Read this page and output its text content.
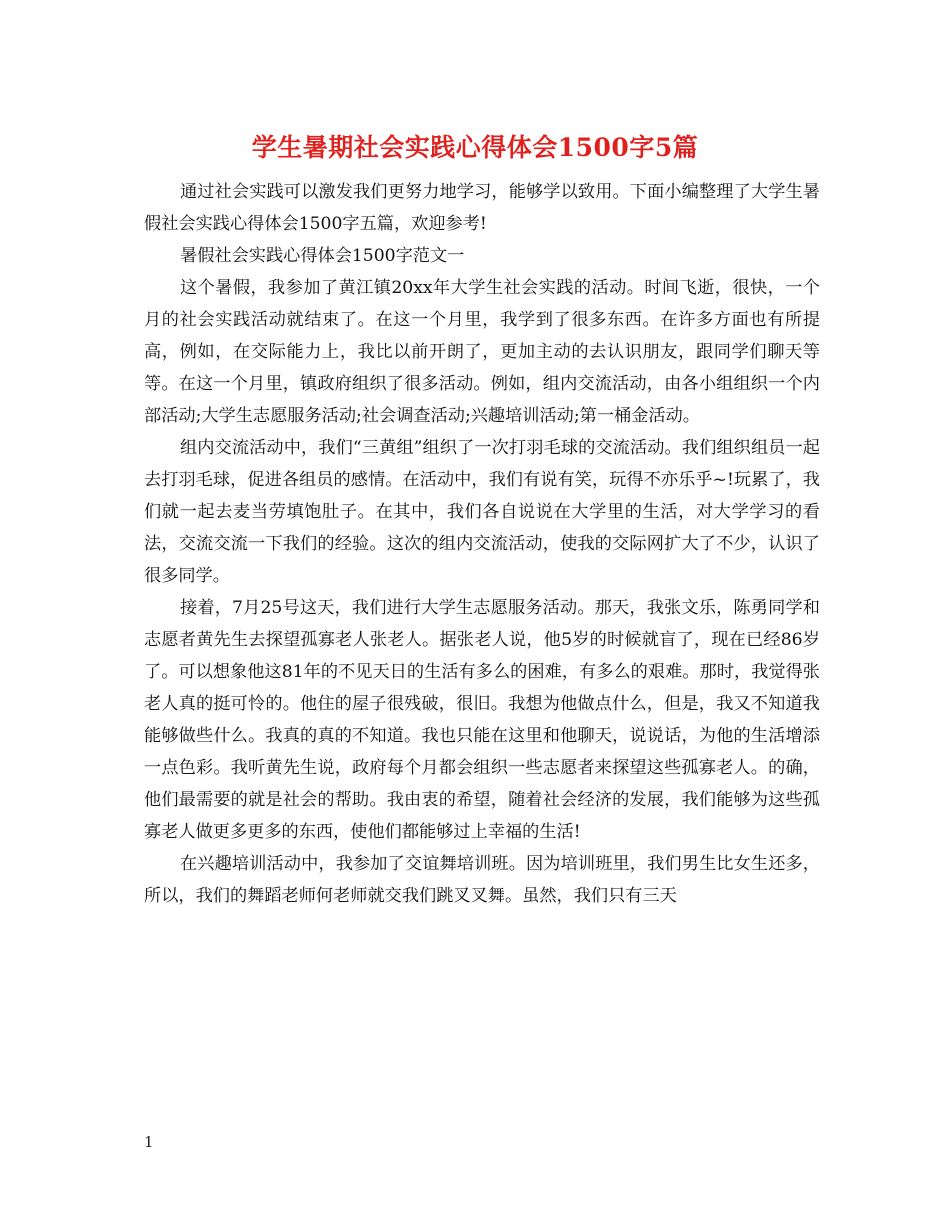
学生暑期社会实践心得体会1500字5篇

通过社会实践可以激发我们更努力地学习，能够学以致用。下面小编整理了大学生暑假社会实践心得体会1500字五篇，欢迎参考!

暑假社会实践心得体会1500字范文一

这个暑假，我参加了黄江镇20xx年大学生社会实践的活动。时间飞逝，很快，一个月的社会实践活动就结束了。在这一个月里，我学到了很多东西。在许多方面也有所提高，例如，在交际能力上，我比以前开朗了，更加主动的去认识朋友，跟同学们聊天等等。在这一个月里，镇政府组织了很多活动。例如，组内交流活动，由各小组组织一个内部活动;大学生志愿服务活动;社会调查活动;兴趣培训活动;第一桶金活动。

组内交流活动中，我们“三黄组”组织了一次打羽毛球的交流活动。我们组织组员一起去打羽毛球，促进各组员的感情。在活动中，我们有说有笑，玩得不亦乐乎~!玩累了，我们就一起去麦当劳填饱肚子。在其中，我们各自说说在大学里的生活，对大学学习的看法，交流交流一下我们的经验。这次的组内交流活动，使我的交际网扩大了不少，认识了很多同学。

接着，7月25号这天，我们进行大学生志愿服务活动。那天，我张文乐，陈勇同学和志愿者黄先生去探望孤寡老人张老人。据张老人说，他5岁的时候就盲了，现在已经86岁了。可以想象他这81年的不见天日的生活有多么的困难，有多么的艰难。那时，我觉得张老人真的挺可怜的。他住的屋子很残破，很旧。我想为他做点什么，但是，我又不知道我能够做些什么。我真的真的不知道。我也只能在这里和他聊天，说说话，为他的生活增添一点色彩。我听黄先生说，政府每个月都会组织一些志愿者来探望这些孤寡老人。的确，他们最需要的就是社会的帮助。我由衷的希望，随着社会经济的发展，我们能够为这些孤寡老人做更多更多的东西，使他们都能够过上幸福的生活!

在兴趣培训活动中，我参加了交谊舞培训班。因为培训班里，我们男生比女生还多，所以，我们的舞蹈老师何老师就交我们跳叉叉舞。虽然，我们只有三天

1
